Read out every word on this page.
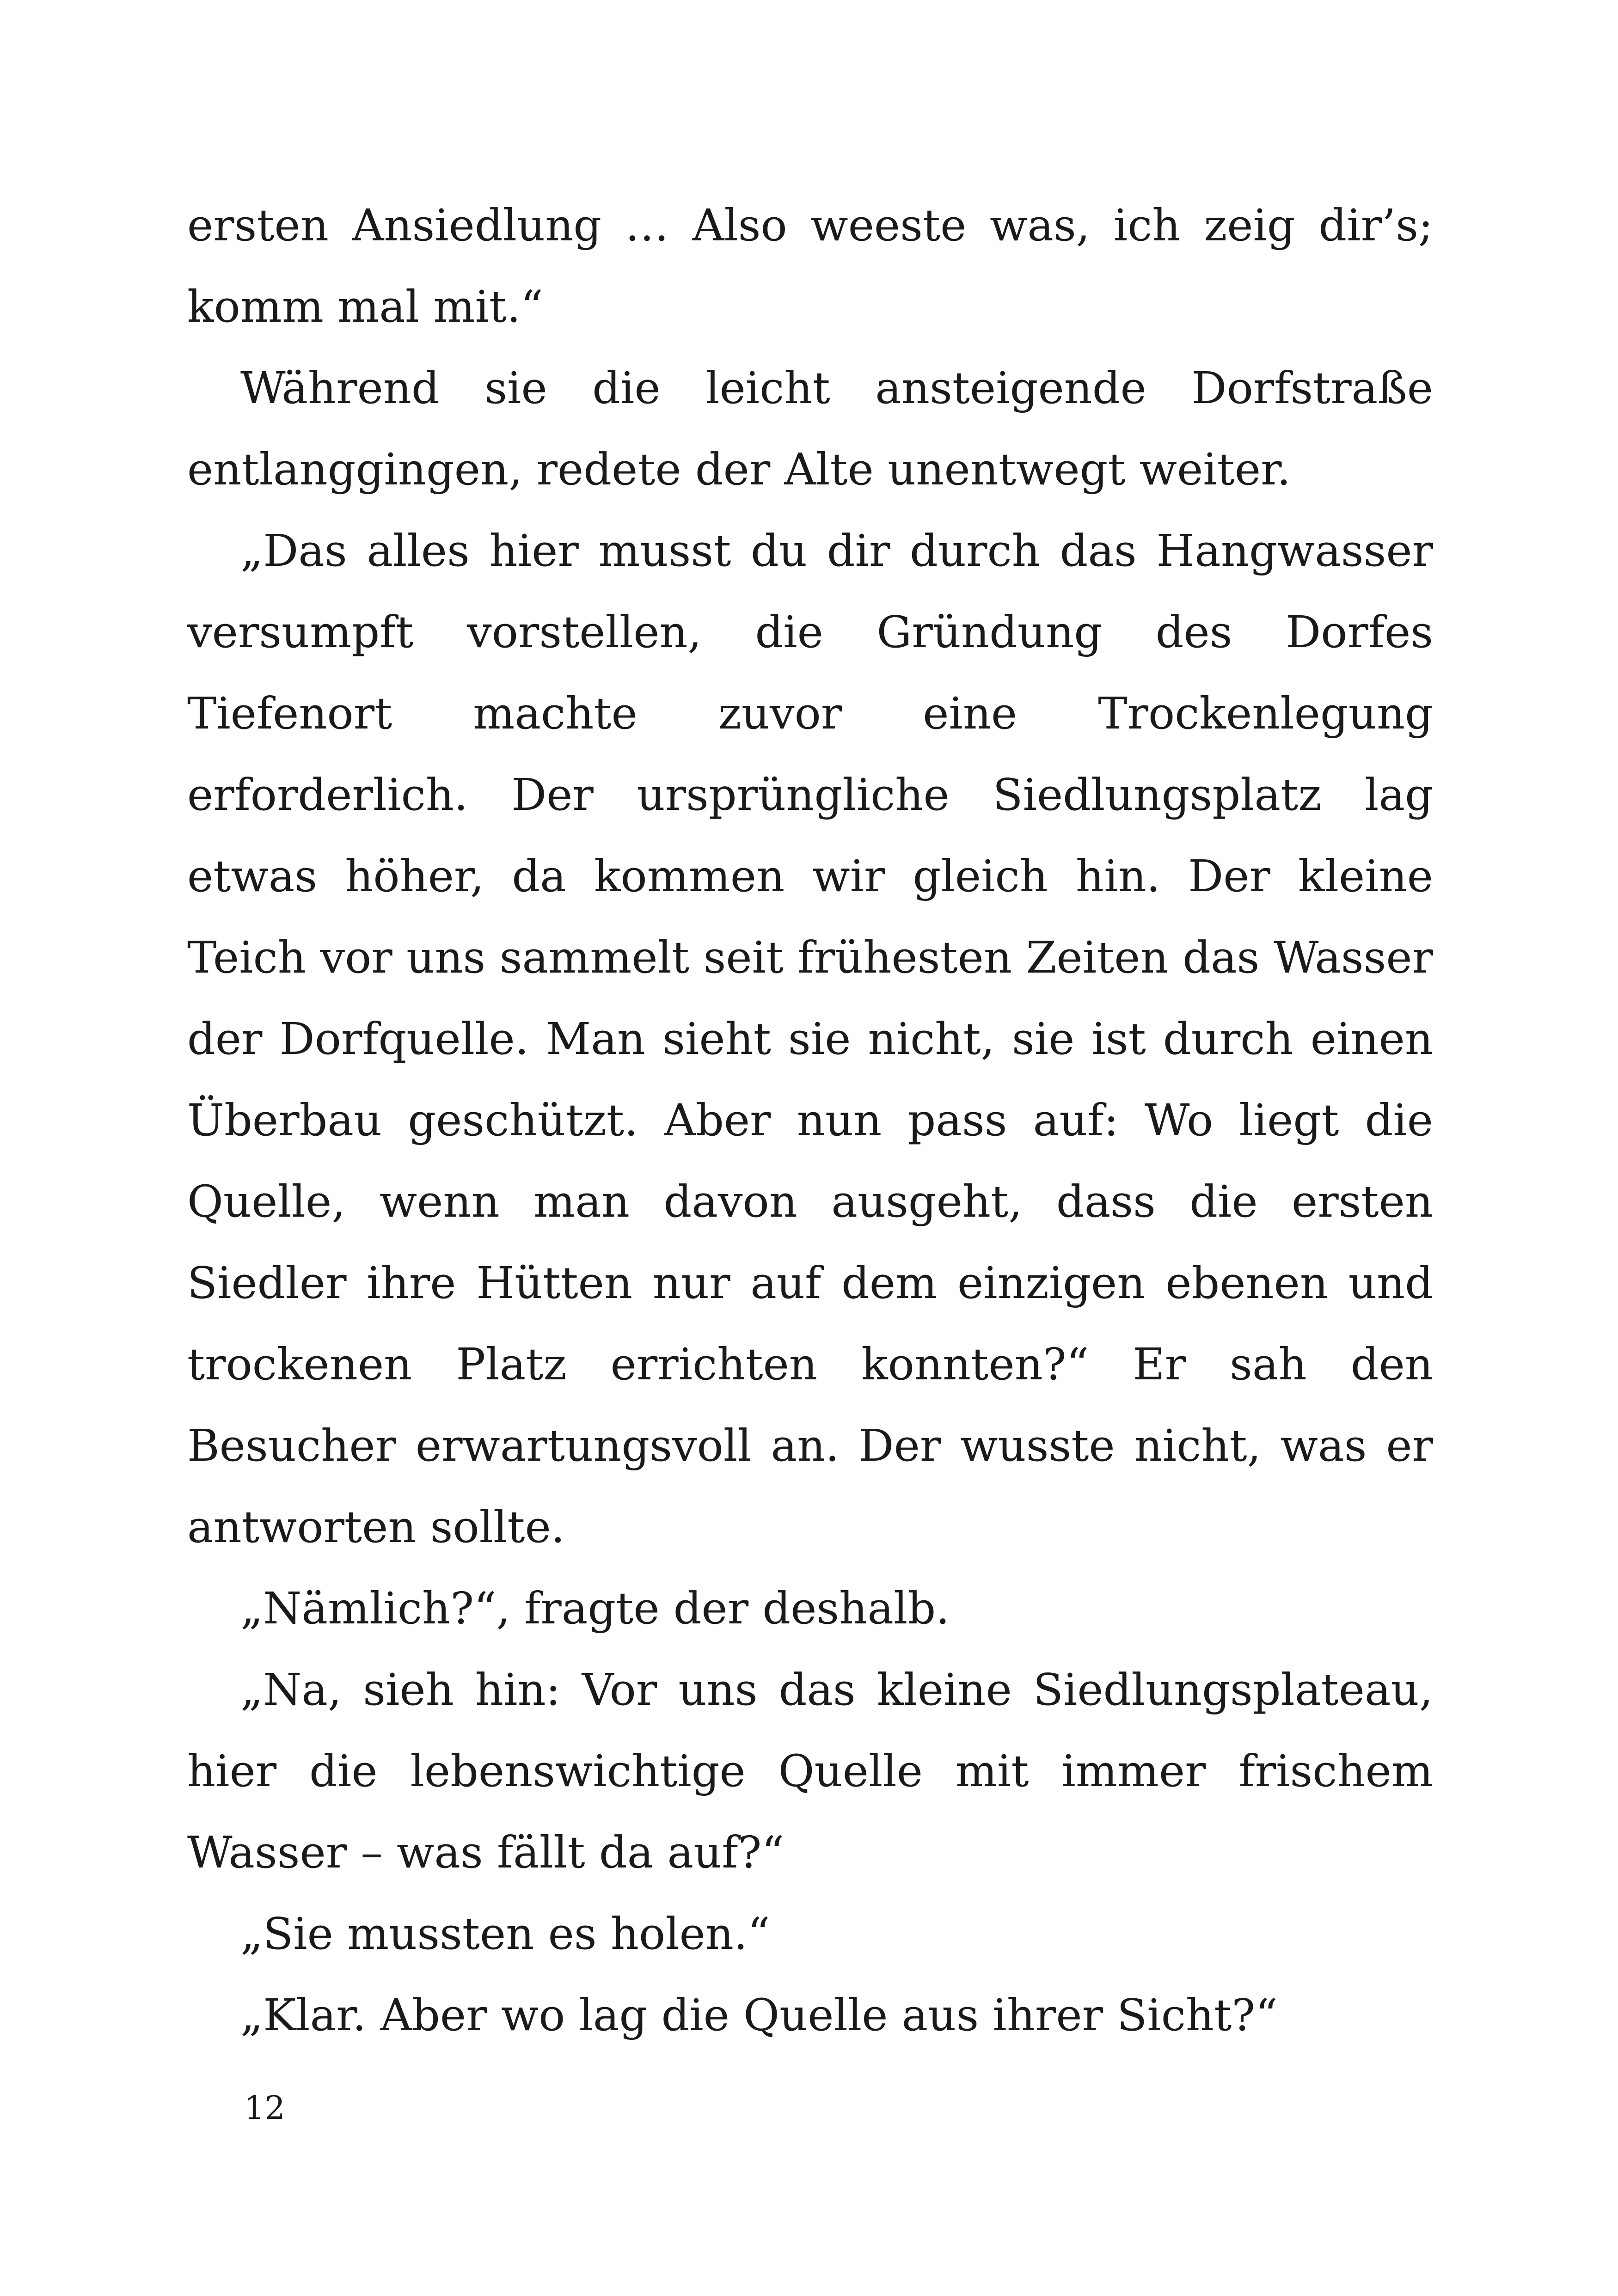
ersten Ansiedlung … Also weeste was, ich zeig dir’s;
komm mal mit.“
Während sie die leicht ansteigende Dorfstraße
entlanggingen, redete der Alte unentwegt weiter.
„Das alles hier musst du dir durch das Hangwasser
versumpft vorstellen, die Gründung des Dorfes
Tiefenort machte zuvor eine Trockenlegung
erforderlich. Der ursprüngliche Siedlungsplatz lag
etwas höher, da kommen wir gleich hin. Der kleine
Teich vor uns sammelt seit frühesten Zeiten das Wasser
der Dorfquelle. Man sieht sie nicht, sie ist durch einen
Überbau geschützt. Aber nun pass auf: Wo liegt die
Quelle, wenn man davon ausgeht, dass die ersten
Siedler ihre Hütten nur auf dem einzigen ebenen und
trockenen Platz errichten konnten?“ Er sah den
Besucher erwartungsvoll an. Der wusste nicht, was er
antworten sollte.
„Nämlich?“, fragte der deshalb.
„Na, sieh hin: Vor uns das kleine Siedlungsplateau,
hier die lebenswichtige Quelle mit immer frischem
Wasser – was fällt da auf?“
„Sie mussten es holen.“
„Klar. Aber wo lag die Quelle aus ihrer Sicht?“
12
